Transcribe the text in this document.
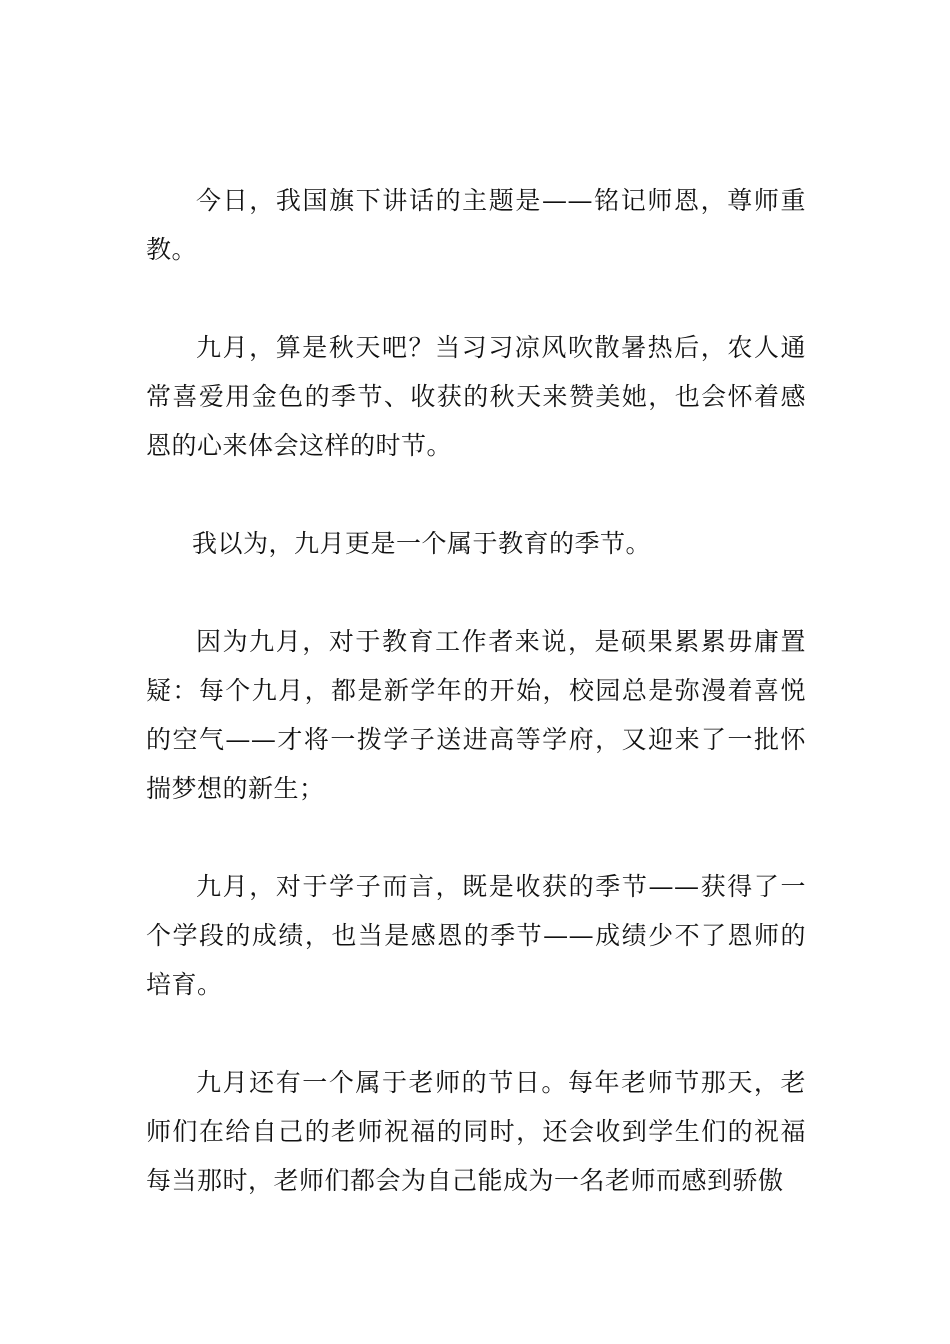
今日，我国旗下讲话的主题是——铭记师恩，尊师重教。

九月，算是秋天吧？当习习凉风吹散暑热后，农人通常喜爱用金色的季节、收获的秋天来赞美她，也会怀着感恩的心来体会这样的时节。

我以为，九月更是一个属于教育的季节。

因为九月，对于教育工作者来说，是硕果累累毋庸置疑：每个九月，都是新学年的开始，校园总是弥漫着喜悦的空气——才将一拨学子送进高等学府，又迎来了一批怀揣梦想的新生；

九月，对于学子而言，既是收获的季节——获得了一个学段的成绩，也当是感恩的季节——成绩少不了恩师的培育。

九月还有一个属于老师的节日。每年老师节那天，老师们在给自己的老师祝福的同时，还会收到学生们的祝福每当那时，老师们都会为自己能成为一名老师而感到骄傲
